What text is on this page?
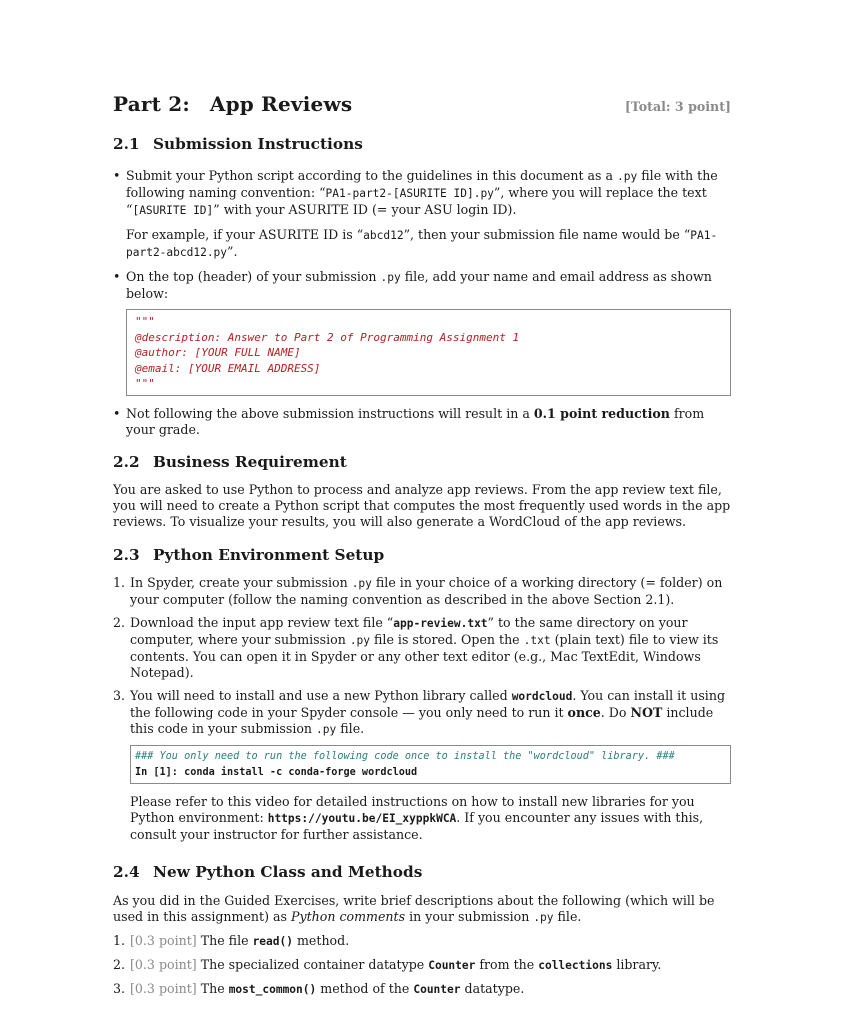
Part 2: App Reviews	[Total: 3 point]
2.1 Submission Instructions
• Submit your Python script according to the guidelines in this document as a .py file with the following naming convention: “PA1-part2-[ASURITE ID].py”, where you will replace the text “[ASURITE ID]” with your ASURITE ID (= your ASU login ID).

For example, if your ASURITE ID is “abcd12”, then your submission file name would be “PA1-part2-abcd12.py”.

• On the top (header) of your submission .py file, add your name and email address as shown below:

"""
@description: Answer to Part 2 of Programming Assignment 1
@author: [YOUR FULL NAME]
@email: [YOUR EMAIL ADDRESS]
"""
• Not following the above submission instructions will result in a 0.1 point reduction from your grade.

2.2 Business Requirement

You are asked to use Python to process and analyze app reviews. From the app review text file, you will need to create a Python script that computes the most frequently used words in the app reviews. To visualize your results, you will also generate a WordCloud of the app reviews.

2.3 Python Environment Setup
1. In Spyder, create your submission .py file in your choice of a working directory (= folder) on your computer (follow the naming convention as described in the above Section 2.1).

2. Download the input app review text file “app-review.txt” to the same directory on your computer, where your submission .py file is stored. Open the .txt (plain text) file to view its contents. You can open it in Spyder or any other text editor (e.g., Mac TextEdit, Windows Notepad).

3. You will need to install and use a new Python library called wordcloud. You can install it using the following code in your Spyder console — you only need to run it once. Do NOT include this code in your submission .py file.

### You only need to run the following code once to install the "wordcloud" library. ###
In [1]: conda install -c conda-forge wordcloud

Please refer to this video for detailed instructions on how to install new libraries for you Python environment: https://youtu.be/EI_xyppkWCA. If you encounter any issues with this, consult your instructor for further assistance.

2.4 New Python Class and Methods

As you did in the Guided Exercises, write brief descriptions about the following (which will be used in this assignment) as Python comments in your submission .py file.

1. [0.3 point] The file read() method.

2. [0.3 point] The specialized container datatype Counter from the collections library.

3. [0.3 point] The most_common() method of the Counter datatype.
